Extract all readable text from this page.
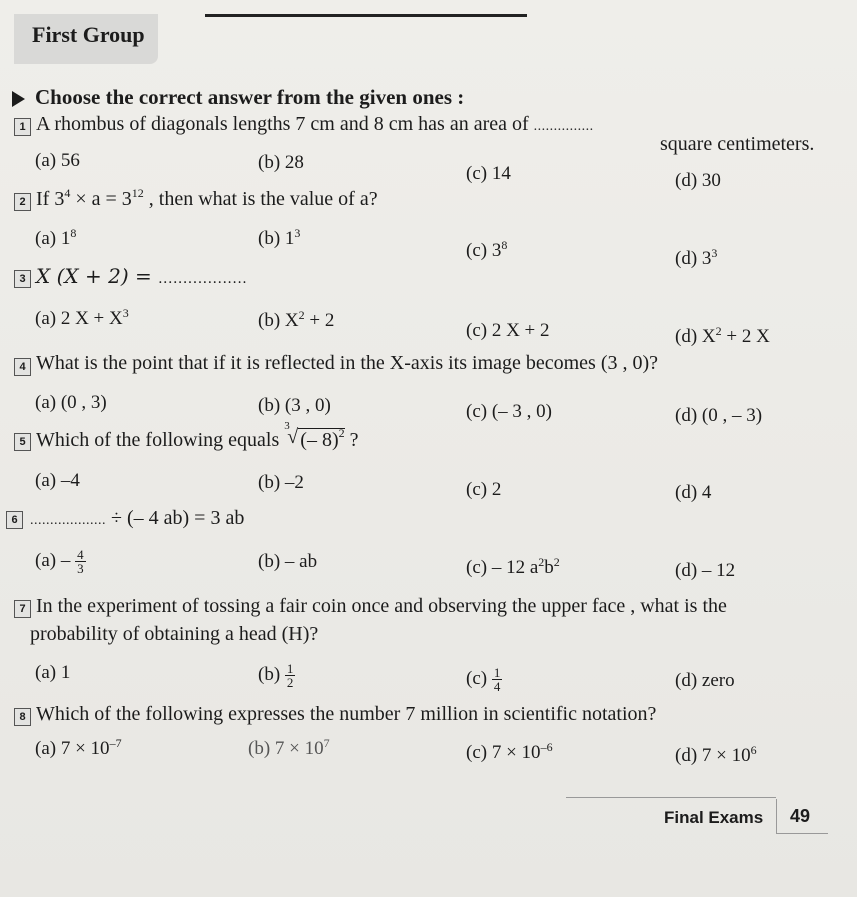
First Group
Choose the correct answer from the given ones :
1 A rhombus of diagonals lengths 7 cm and 8 cm has an area of ...............
square centimeters.
(a) 56	(b) 28
(c) 14	(d) 30
2 If $3^4 \times a = 3^{12}$ , then what is the value of a?
(a) $1^8$	(b) $1^3$
(c) $3^8$
(d) $3^3$
3 X (X + 2) = ..................
(a) 2 $X + X^3$	(b) $X^2 + 2$	(c) 2 X + 2	(d) $X^2 + 2$ X
4 What is the point that if it is reflected in the X-axis its image becomes (3 , 0)?
(a) (0 , 3)	(b) (3 , 0)	(c) (– 3 , 0)	(d) (0 , – 3)
5 Which of the following equals
3
√ (– 8)$^2$ ?
(a) –4	(b) –2	(c) 2	(d) 4
6 ................... ÷ (– 4 ab) = 3 ab
$(a) - \frac{4}{3}$	(b) – ab	(c) – 12 $a^2b^2$	(d) – 12
7 In the experiment of tossing a fair coin once and observing the upper face , what is the
probability of obtaining a head (H)?
(a) 1	$(b) \frac{1}{2}$	$(c) \frac{1}{4}$	(d) zero
8 Which of the following expresses the number 7 million in scientific notation?
(a) $7 \times 10^{-7}$	(b) $7 \times 10^7$	(c) $7 \times 10^{-6}$	(d) $7 \times 10^6$
Final Exams 49
